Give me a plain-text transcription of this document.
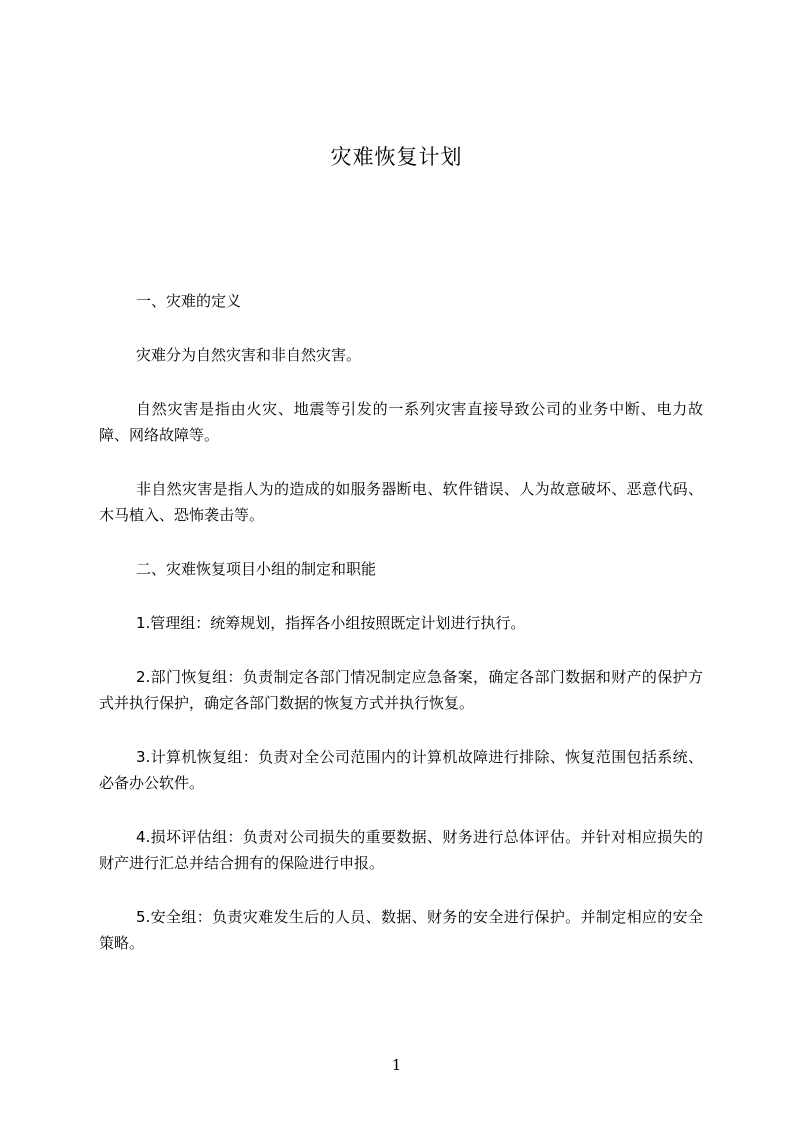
灾难恢复计划

一、灾难的定义

灾难分为自然灾害和非自然灾害。

自然灾害是指由火灾、地震等引发的一系列灾害直接导致公司的业务中断、电力故障、网络故障等。

非自然灾害是指人为的造成的如服务器断电、软件错误、人为故意破坏、恶意代码、木马植入、恐怖袭击等。

二、灾难恢复项目小组的制定和职能

1.管理组：统筹规划，指挥各小组按照既定计划进行执行。

2.部门恢复组：负责制定各部门情况制定应急备案，确定各部门数据和财产的保护方式并执行保护，确定各部门数据的恢复方式并执行恢复。

3.计算机恢复组：负责对全公司范围内的计算机故障进行排除、恢复范围包括系统、必备办公软件。

4.损坏评估组：负责对公司损失的重要数据、财务进行总体评估。并针对相应损失的财产进行汇总并结合拥有的保险进行申报。

5.安全组：负责灾难发生后的人员、数据、财务的安全进行保护。并制定相应的安全策略。

1
